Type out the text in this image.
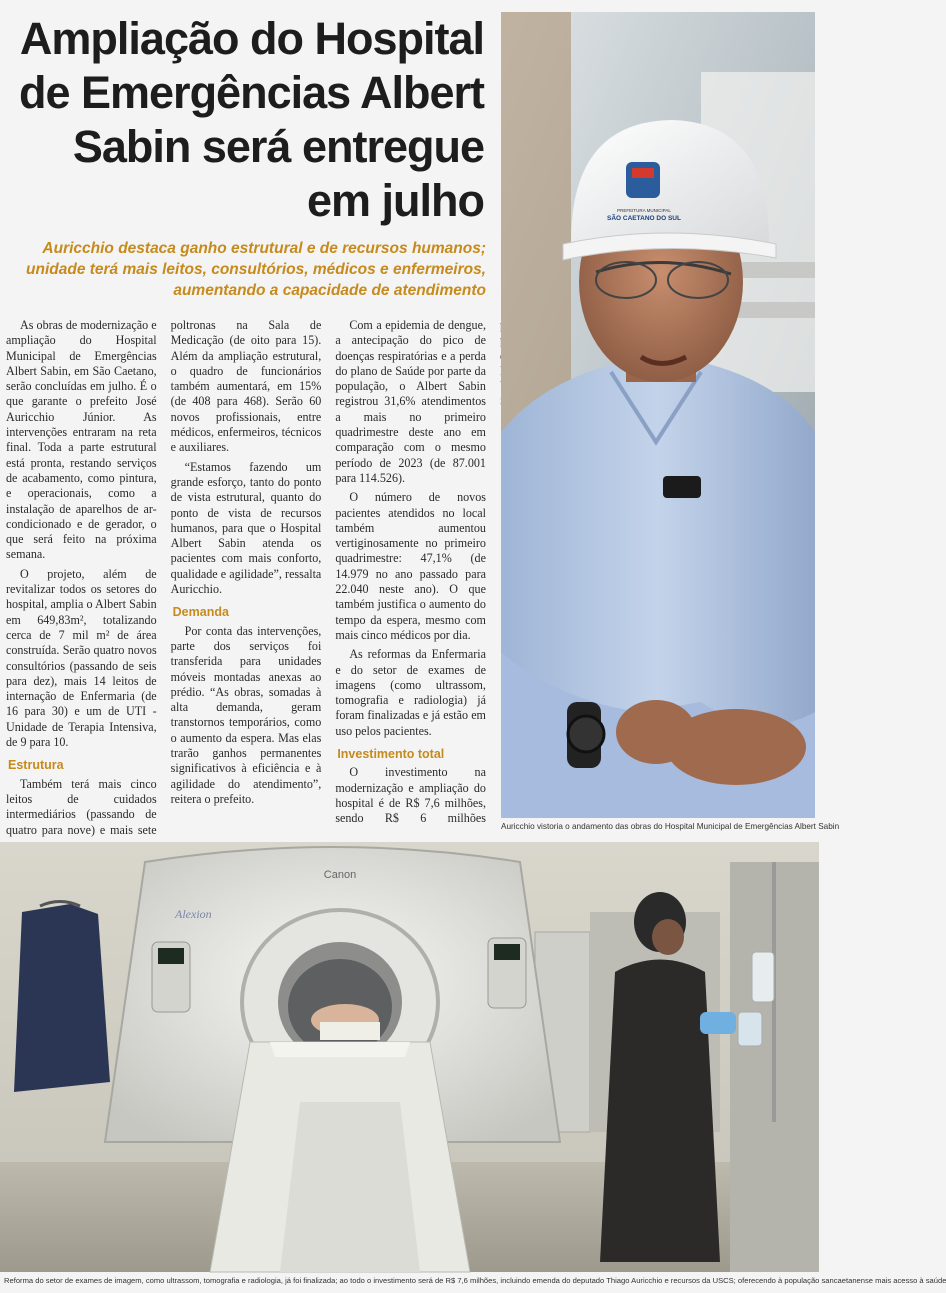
Ampliação do Hospital de Emergências Albert Sabin será entregue em julho

Auricchio destaca ganho estrutural e de recursos humanos; unidade terá mais leitos, consultórios, médicos e enfermeiros, aumentando a capacidade de atendimento

As obras de modernização e ampliação do Hospital Municipal de Emergências Albert Sabin, em São Caetano, serão concluídas em julho. É o que garante o prefeito José Auricchio Júnior. As intervenções entraram na reta final. Toda a parte estrutural está pronta, restando serviços de acabamento, como pintura, e operacionais, como a instalação de aparelhos de ar-condicionado e de gerador, o que será feito na próxima semana.

O projeto, além de revitalizar todos os setores do hospital, amplia o Albert Sabin em 649,83m², totalizando cerca de 7 mil m² de área construída. Serão quatro novos consultórios (passando de seis para dez), mais 14 leitos de internação de Enfermaria (de 16 para 30) e um de UTI - Unidade de Terapia Intensiva, de 9 para 10.

Estrutura

Também terá mais cinco leitos de cuidados intermediários (passando de quatro para nove) e mais sete poltronas na Sala de Medicação (de oito para 15). Além da ampliação estrutural, o quadro de funcionários também aumentará, em 15% (de 408 para 468). Serão 60 novos profissionais, entre médicos, enfermeiros, técnicos e auxiliares.

“Estamos fazendo um grande esforço, tanto do ponto de vista estrutural, quanto do ponto de vista de recursos humanos, para que o Hospital Albert Sabin atenda os pacientes com mais conforto, qualidade e agilidade”, ressalta Auricchio.

Demanda

Por conta das intervenções, parte dos serviços foi transferida para unidades móveis montadas anexas ao prédio. “As obras, somadas à alta demanda, geram transtornos temporários, como o aumento da espera. Mas elas trarão ganhos permanentes significativos à eficiência e à agilidade do atendimento”, reitera o prefeito.

Com a epidemia de dengue, a antecipação do pico de doenças respiratórias e a perda do plano de Saúde por parte da população, o Albert Sabin registrou 31,6% atendimentos a mais no primeiro quadrimestre deste ano em comparação com o mesmo período de 2023 (de 87.001 para 114.526).

O número de novos pacientes atendidos no local também aumentou vertiginosamente no primeiro quadrimestre: 47,1% (de 14.979 no ano passado para 22.040 neste ano). O que também justifica o aumento do tempo da espera, mesmo com mais cinco médicos por dia.

As reformas da Enfermaria e do setor de exames de imagens (como ultrassom, tomografia e radiologia) já foram finalizadas e já estão em uso pelos pacientes.

Investimento total

O investimento na modernização e ampliação do hospital é de R$ 7,6 milhões, sendo R$ 6 milhões

PREFEITURA MUNICIPAL
SÃO CAETANO DO SUL
Auricchio vistoria o andamento das obras do Hospital Municipal de Emergências Albert Sabin
Canon
Alexion
Reforma do setor de exames de imagem, como ultrassom, tomografia e radiologia, já foi finalizada; ao todo o investimento será de R$ 7,6 milhões, incluindo emenda do deputado Thiago Auricchio e recursos da USCS; oferecendo à população sancaetanense mais acesso à saúde
